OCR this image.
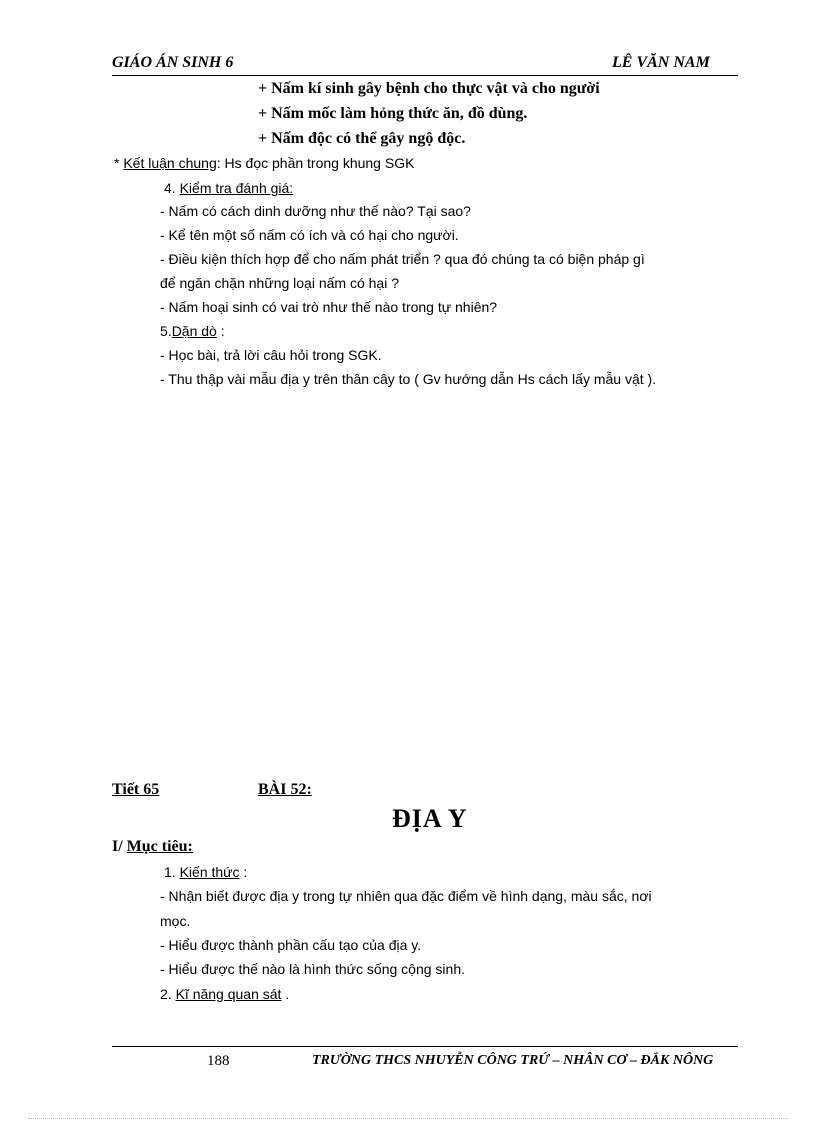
GIÁO ÁN SINH 6	LÊ VĂN NAM
+ Nấm kí sinh gây bệnh cho thực vật và cho người
+ Nấm mốc làm hỏng thức ăn, đồ dùng.
+ Nấm độc có thể gây ngộ độc.
* Kết luận chung: Hs đọc phần trong khung SGK
4. Kiểm tra đánh giá:
- Nấm có cách dinh dưỡng như thế nào? Tại sao?
- Kể tên một số nấm có ích và có hại cho người.
- Điều kiện thích hợp để cho nấm phát triển ? qua đó chúng ta có biện pháp gì
để ngăn chặn những loại nấm có hại ?
- Nấm hoại sinh có vai trò như thế nào trong tự nhiên?
5.Dặn dò :
- Học bài, trả lời câu hỏi trong SGK.
- Thu thập vài mẫu địa y trên thân cây to ( Gv hướng dẫn Hs cách lấy mẫu vật ).
Tiết 65	BÀI 52:
ĐỊA Y
I/ Mục tiêu:
1. Kiến thức :
- Nhận biết được địa y trong tự nhiên qua đặc điểm về hình dạng, màu sắc, nơi
mọc.
- Hiểu được thành phần cấu tạo của địa y.
- Hiểu được thế nào là hình thức sống cộng sinh.
2. Kĩ năng quan sát .
188	TRƯỜNG THCS NHUYỄN CÔNG TRỨ – NHÂN CƠ – ĐẮK NÔNG
